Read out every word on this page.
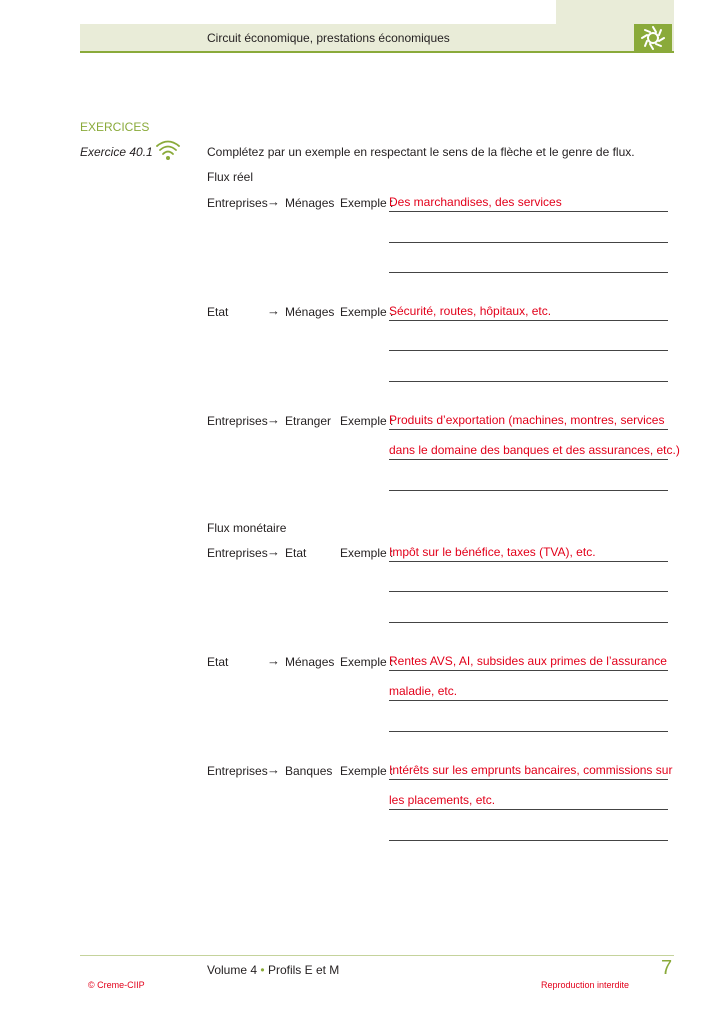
Circuit économique, prestations économiques
EXERCICES
Exercice 40.1	Complétez par un exemple en respectant le sens de la flèche et le genre de flux.
Flux réel
Entreprises → Ménages Exemple :
Des marchandises, des services
Etat	→ Ménages Exemple :
Sécurité, routes, hôpitaux, etc.
Entreprises → Etranger Exemple :
Produits d’exportation (machines, montres, services
dans le domaine des banques et des assurances, etc.)
Flux monétaire
Entreprises → Etat	Exemple :
Impôt sur le bénéfice, taxes (TVA), etc.
Etat	→ Ménages Exemple :
Rentes AVS, AI, subsides aux primes de l’assurance
maladie, etc.
Entreprises → Banques Exemple :
Intérêts sur les emprunts bancaires, commissions sur
les placements, etc.
Volume 4 • Profils E et M	7
© Creme-CIIP	Reproduction interdite
